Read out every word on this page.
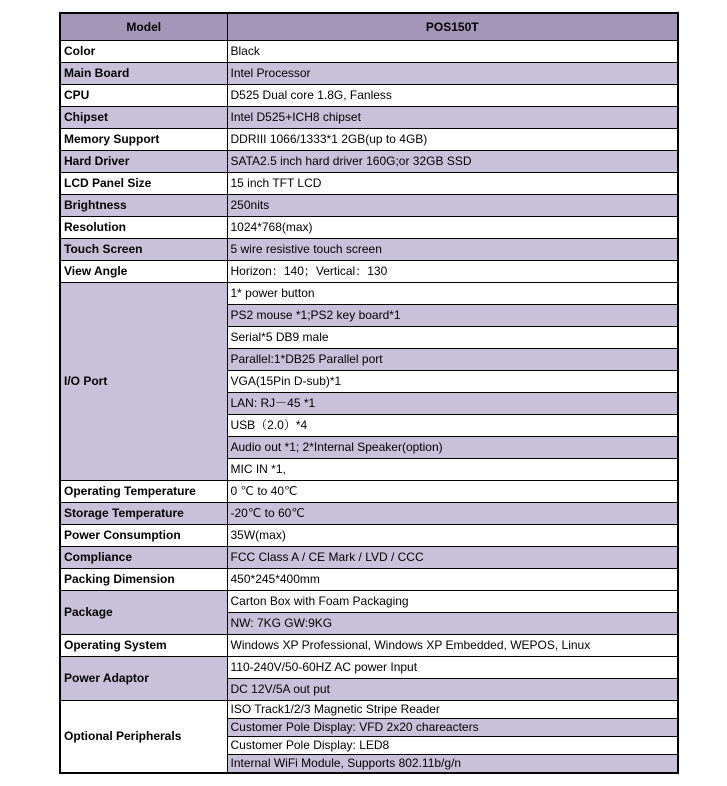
Model	POS150T
Color	Black
Main Board	Intel Processor
CPU	D525 Dual core 1.8G, Fanless
Chipset	Intel D525+ICH8 chipset
Memory Support	DDRIII 1066/1333*1 2GB(up to 4GB)
Hard Driver	SATA2.5 inch hard driver 160G;or 32GB SSD
LCD Panel Size	15 inch TFT LCD
Brightness	250nits
Resolution	1024*768(max)
Touch Screen	5 wire resistive touch screen
View Angle	Horizon：140；Vertical：130
I/O Port	1* power button
	PS2 mouse *1;PS2 key board*1
	Serial*5 DB9 male
	Parallel:1*DB25 Parallel port
	VGA(15Pin D-sub)*1
	LAN: RJ－45 *1
	USB（2.0）*4
	Audio out *1; 2*Internal Speaker(option)
	MIC IN *1,
Operating Temperature	0 ℃ to 40℃
Storage Temperature	-20℃ to 60℃
Power Consumption	35W(max)
Compliance	FCC Class A / CE Mark / LVD / CCC
Packing Dimension	450*245*400mm
Package	Carton Box with Foam Packaging
	NW: 7KG GW:9KG
Operating System	Windows XP Professional, Windows XP Embedded, WEPOS, Linux
Power Adaptor	110-240V/50-60HZ AC power Input
	DC 12V/5A out put
Optional Peripherals	ISO Track1/2/3 Magnetic Stripe Reader
	Customer Pole Display: VFD 2x20 chareacters
	Customer Pole Display: LED8
	Internal WiFi Module, Supports 802.11b/g/n
